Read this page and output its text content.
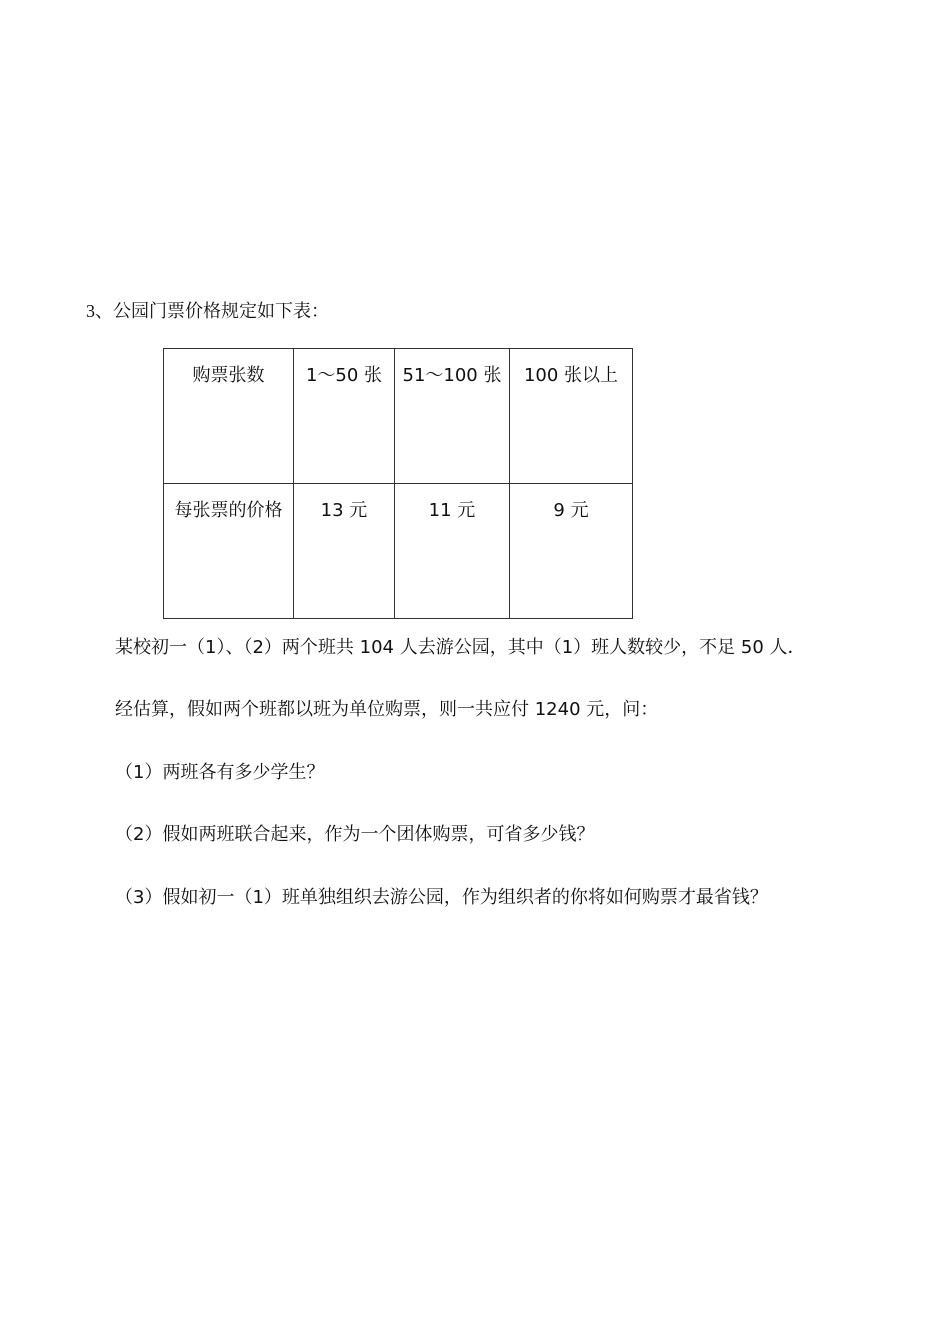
3、公园门票价格规定如下表：
购票张数	1～50 张	51～100 张	100 张以上

每张票的价格	13 元	11 元	9 元
某校初一（1）、（2）两个班共 104 人去游公园，其中（1）班人数较少，不足 50 人．
经估算，假如两个班都以班为单位购票，则一共应付 1240 元，问：
（1）两班各有多少学生？
（2）假如两班联合起来，作为一个团体购票，可省多少钱？
（3）假如初一（1）班单独组织去游公园，作为组织者的你将如何购票才最省钱？
